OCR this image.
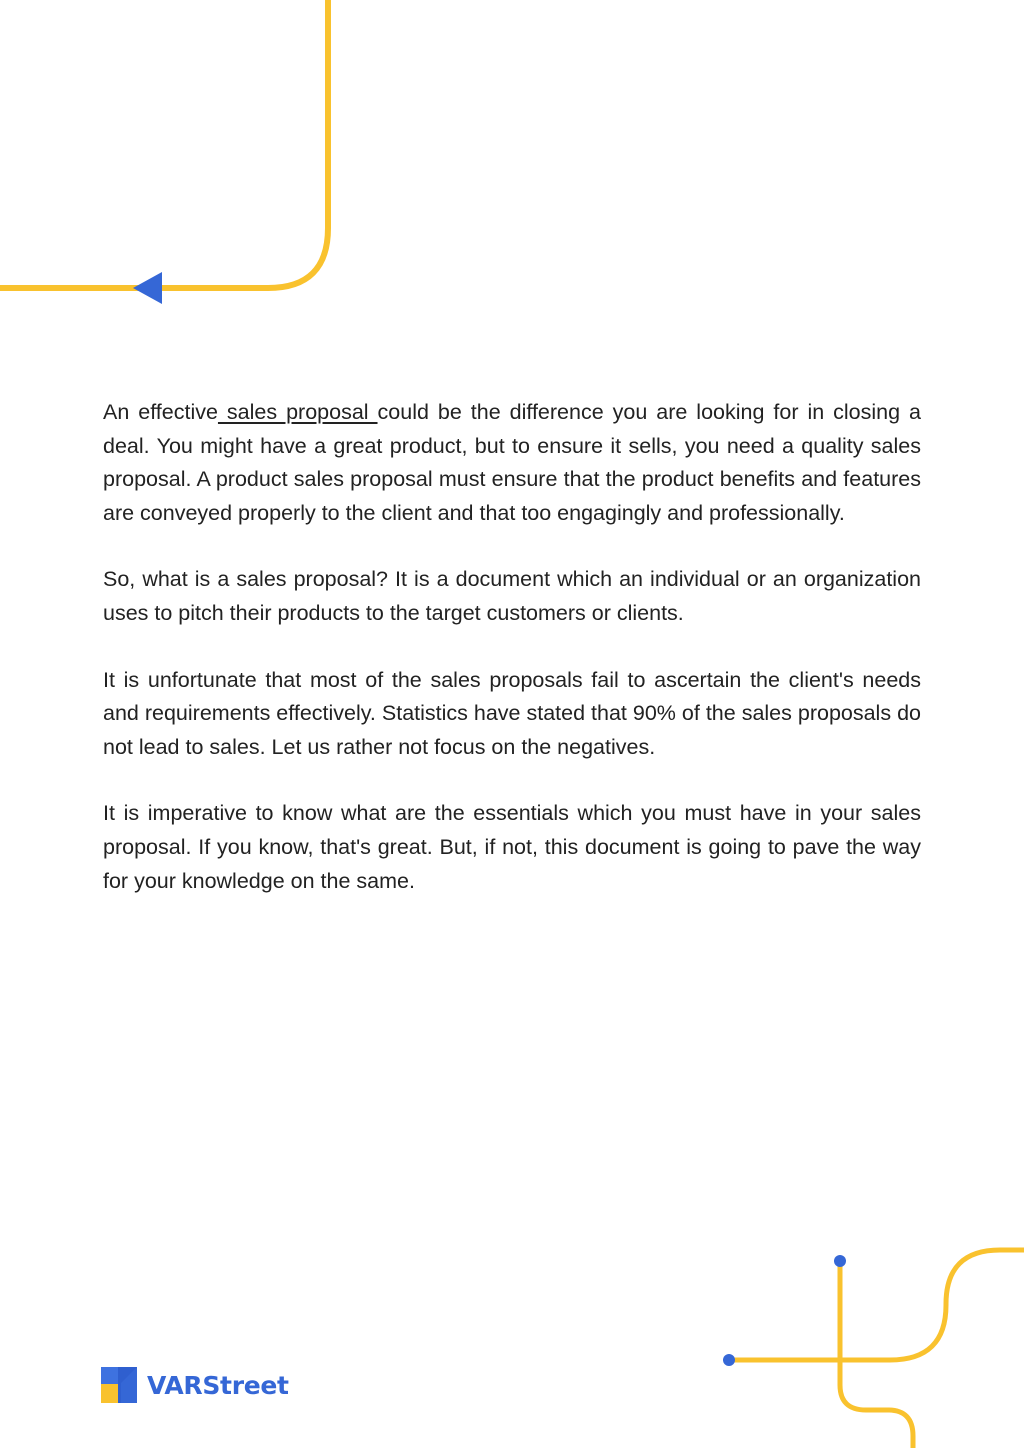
An effective sales proposal could be the difference you are looking for in closing a deal. You might have a great product, but to ensure it sells, you need a quality sales proposal. A product sales proposal must ensure that the product benefits and features are conveyed properly to the client and that too engagingly and professionally.

So, what is a sales proposal? It is a document which an individual or an organization uses to pitch their products to the target customers or clients.

It is unfortunate that most of the sales proposals fail to ascertain the client's needs and requirements effectively. Statistics have stated that 90% of the sales proposals do not lead to sales. Let us rather not focus on the negatives.

It is imperative to know what are the essentials which you must have in your sales proposal. If you know, that's great. But, if not, this document is going to pave the way for your knowledge on the same.

VARStreet
